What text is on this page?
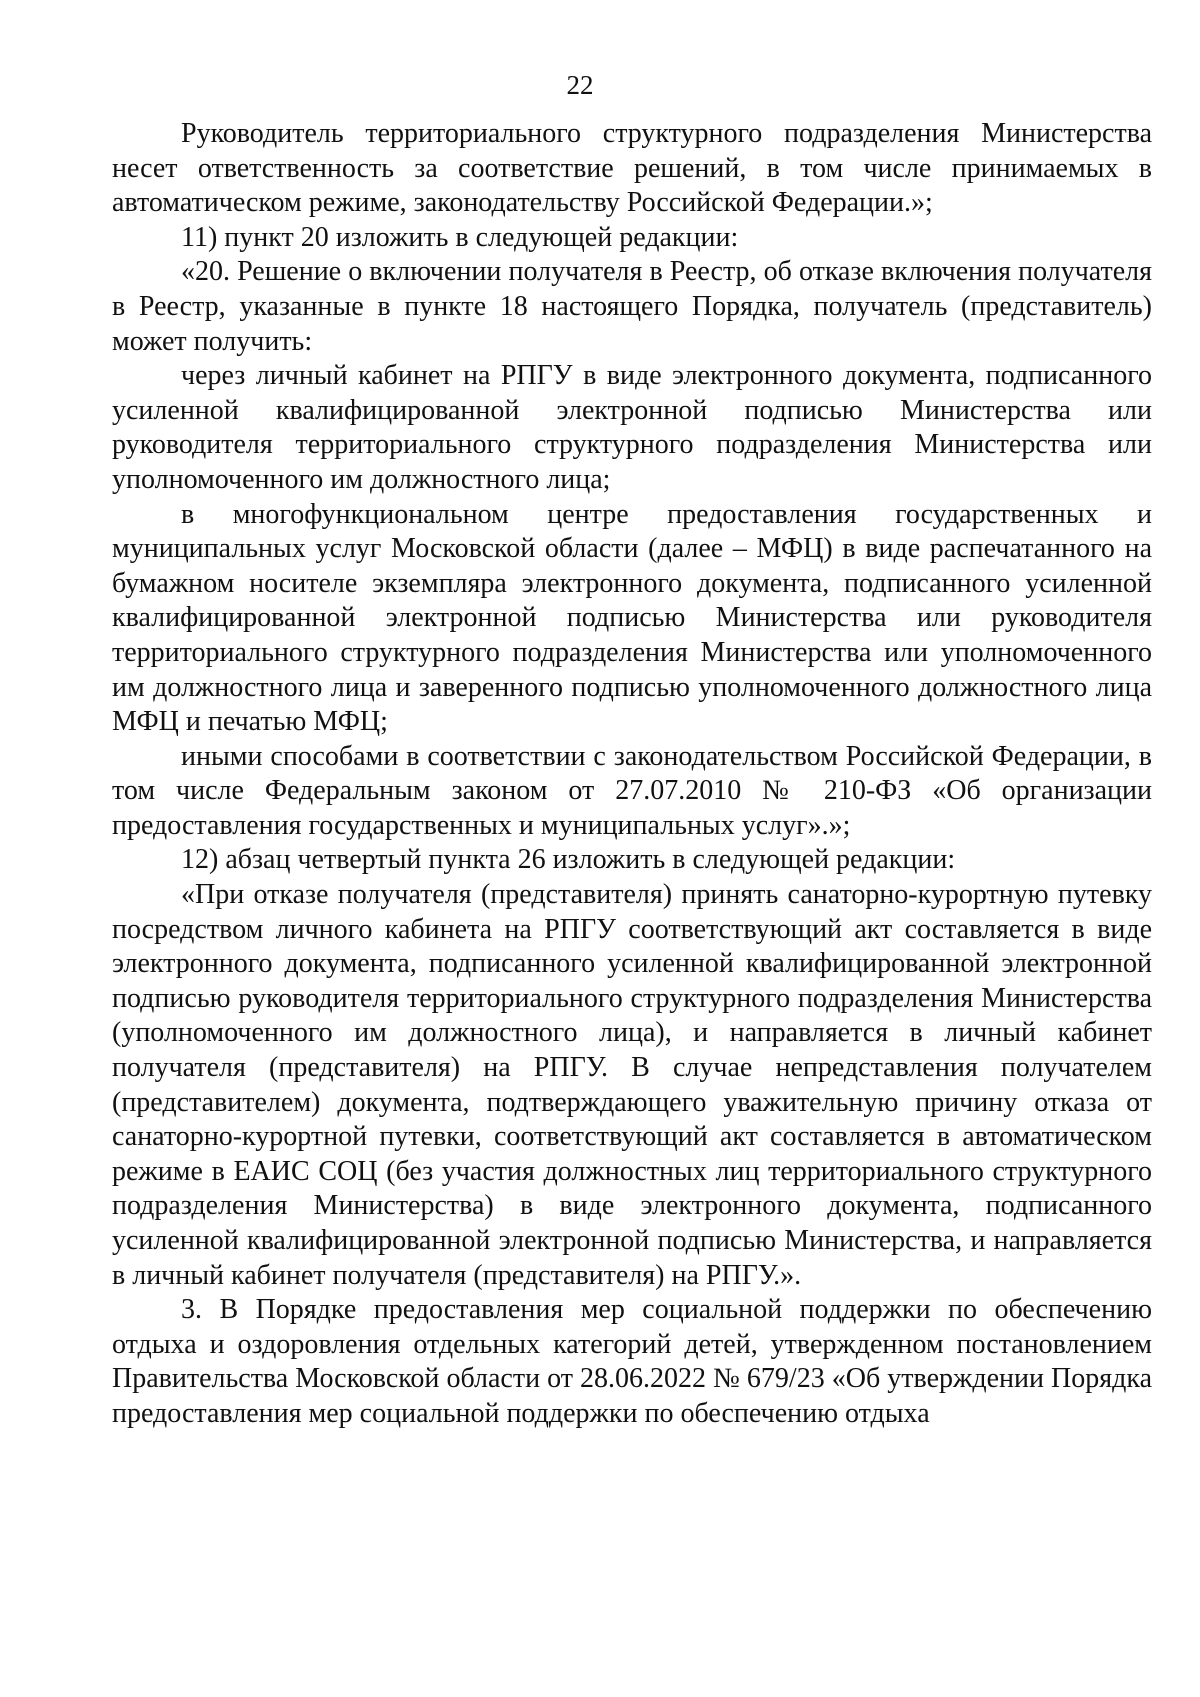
22

Руководитель территориального структурного подразделения Министерства несет ответственность за соответствие решений, в том числе принимаемых в автоматическом режиме, законодательству Российской Федерации.»;

11) пункт 20 изложить в следующей редакции:

«20. Решение о включении получателя в Реестр, об отказе включения получателя в Реестр, указанные в пункте 18 настоящего Порядка, получатель (представитель) может получить:

через личный кабинет на РПГУ в виде электронного документа, подписанного усиленной квалифицированной электронной подписью Министерства или руководителя территориального структурного подразделения Министерства или уполномоченного им должностного лица;

в многофункциональном центре предоставления государственных и муниципальных услуг Московской области (далее – МФЦ) в виде распечатанного на бумажном носителе экземпляра электронного документа, подписанного усиленной квалифицированной электронной подписью Министерства или руководителя территориального структурного подразделения Министерства или уполномоченного им должностного лица и заверенного подписью уполномоченного должностного лица МФЦ и печатью МФЦ;

иными способами в соответствии с законодательством Российской Федерации, в том числе Федеральным законом от 27.07.2010 № 210-ФЗ «Об организации предоставления государственных и муниципальных услуг».»;

12) абзац четвертый пункта 26 изложить в следующей редакции:

«При отказе получателя (представителя) принять санаторно-курортную путевку посредством личного кабинета на РПГУ соответствующий акт составляется в виде электронного документа, подписанного усиленной квалифицированной электронной подписью руководителя территориального структурного подразделения Министерства (уполномоченного им должностного лица), и направляется в личный кабинет получателя (представителя) на РПГУ. В случае непредставления получателем (представителем) документа, подтверждающего уважительную причину отказа от санаторно-курортной путевки, соответствующий акт составляется в автоматическом режиме в ЕАИС СОЦ (без участия должностных лиц территориального структурного подразделения Министерства) в виде электронного документа, подписанного усиленной квалифицированной электронной подписью Министерства, и направляется в личный кабинет получателя (представителя) на РПГУ.».

3. В Порядке предоставления мер социальной поддержки по обеспечению отдыха и оздоровления отдельных категорий детей, утвержденном постановлением Правительства Московской области от 28.06.2022 № 679/23 «Об утверждении Порядка предоставления мер социальной поддержки по обеспечению отдыха
